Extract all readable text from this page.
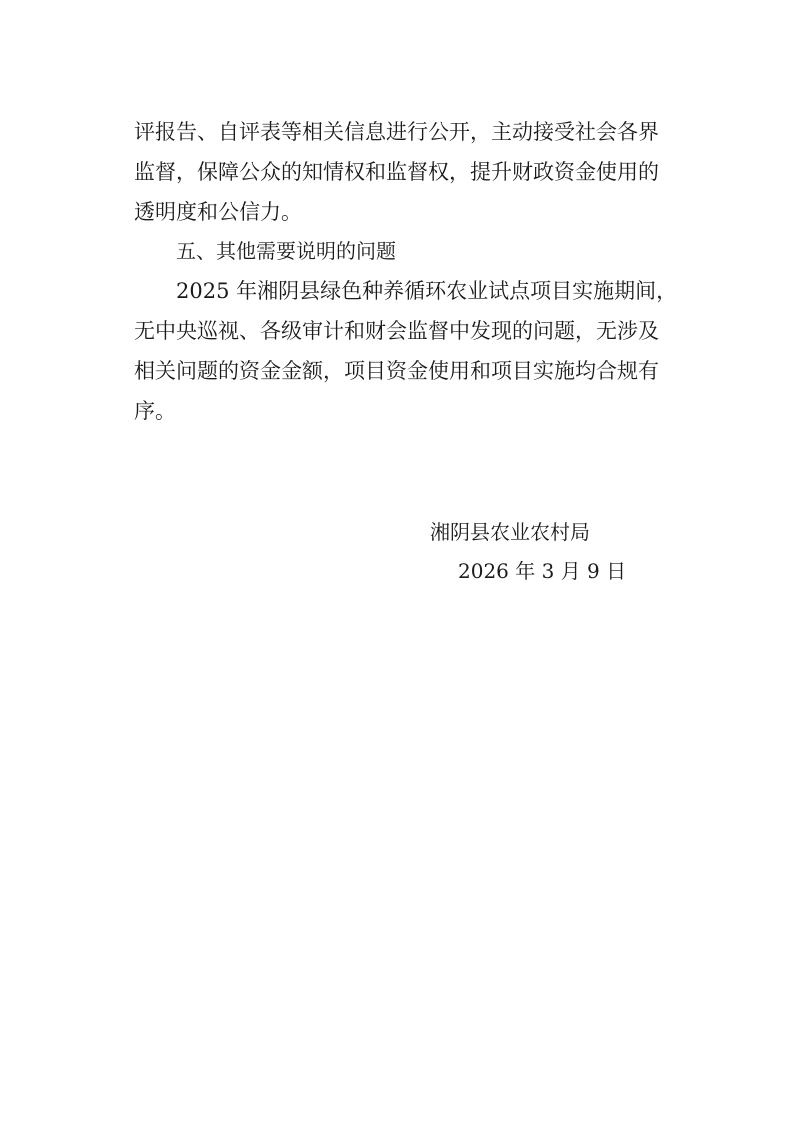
评报告、自评表等相关信息进行公开，主动接受社会各界
监督，保障公众的知情权和监督权，提升财政资金使用的
透明度和公信力。
五、其他需要说明的问题
2025 年湘阴县绿色种养循环农业试点项目实施期间，
无中央巡视、各级审计和财会监督中发现的问题，无涉及
相关问题的资金金额，项目资金使用和项目实施均合规有
序。
湘阴县农业农村局
2026 年 3 月 9 日
